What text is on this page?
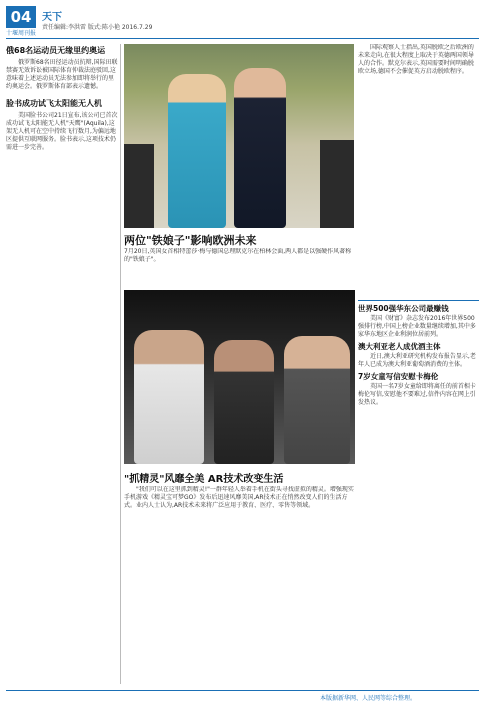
04
十堰周刊报
天下
责任编辑:李洪雷 版式:陈小艳 2016.7.29
俄68名运动员无缘里约奥运

俄罗斯68名田径运动员抗辩,国际田联禁赛无效诉讼被国际体育仲裁法庭驳回,这意味着上述运动员无法参加即将举行的里约奥运会。俄罗斯体育部表示遗憾。

脸书成功试飞太阳能无人机

美国脸书公司21日宣布,该公司已首次成功试飞太阳能无人机"天鹰"(Aquila),这架无人机可在空中持续飞行数月,为偏远地区提供互联网服务。脸书表示,这项技术仍需进一步完善。

两位"铁娘子"影响欧洲未来
7月20日,英国女首相特蕾莎·梅与德国总理默克尔在柏林会面,两人都是以强硬作风著称的"铁娘子"。

国际观察人士指出,英国脱欧之后欧洲的未来走向,在很大程度上取决于英德两国领导人的合作。默克尔表示,英国需要时间明确脱欧立场,德国不会催促英方启动脱欧程序。

"抓精灵"风靡全美 AR技术改变生活

"我们可以在这里抓到精灵!"一群年轻人举着手机在街头寻找虚拟的精灵。增强现实手机游戏《精灵宝可梦GO》发布后迅速风靡美国,AR技术正在悄然改变人们的生活方式。业内人士认为,AR技术未来将广泛应用于教育、医疗、零售等领域。

世界500强华东公司最赚钱

美国《财富》杂志发布2016年世界500强排行榜,中国上榜企业数量继续增加,其中多家华东地区企业利润位居前列。

澳大利亚老人成优酒主体

近日,澳大利亚研究机构发布报告显示,老年人已成为澳大利亚葡萄酒消费的主体。

7岁女童写信安慰卡梅伦

英国一名7岁女童给即将离任的前首相卡梅伦写信,安慰他不要难过,信件内容在网上引发热议。

本版据新华网、人民网等综合整理。
